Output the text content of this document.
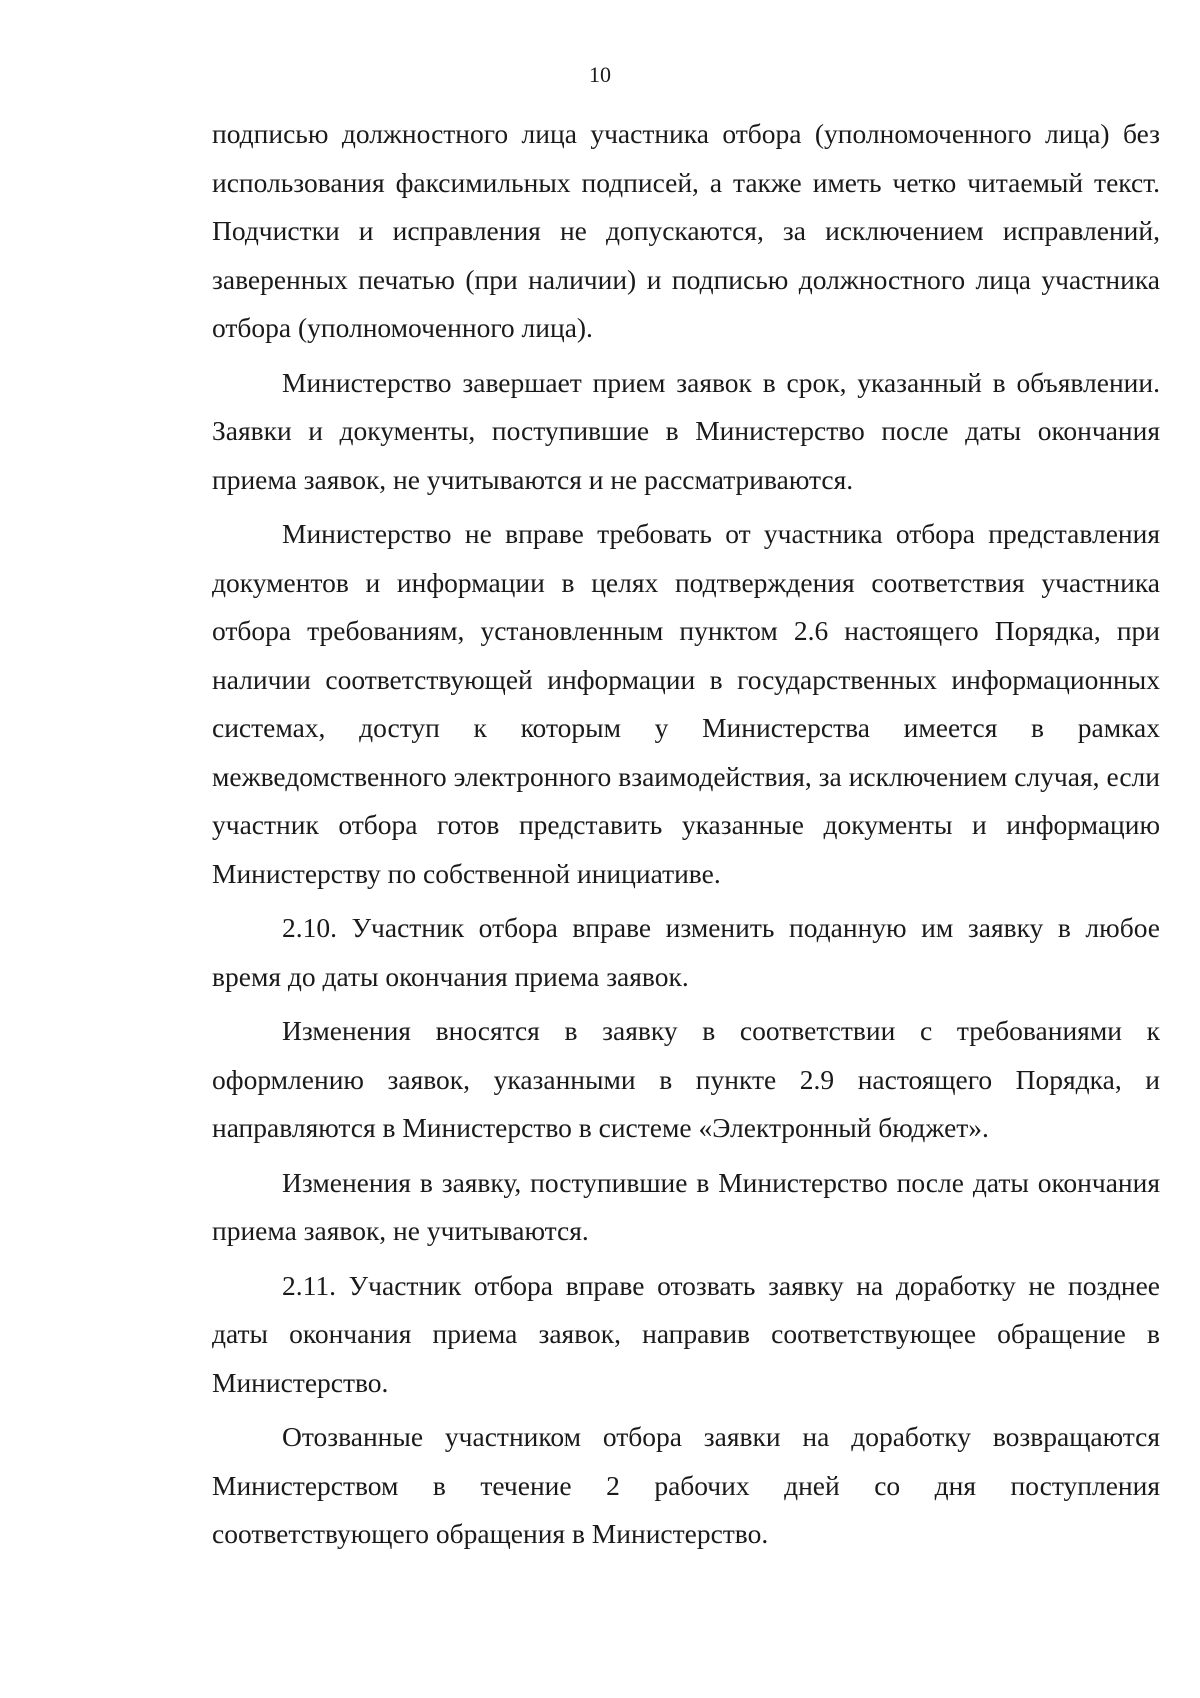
10

подписью должностного лица участника отбора (уполномоченного лица) без использования факсимильных подписей, а также иметь четко читаемый текст. Подчистки и исправления не допускаются, за исключением исправлений, заверенных печатью (при наличии) и подписью должностного лица участника отбора (уполномоченного лица).

Министерство завершает прием заявок в срок, указанный в объявлении. Заявки и документы, поступившие в Министерство после даты окончания приема заявок, не учитываются и не рассматриваются.

Министерство не вправе требовать от участника отбора представления документов и информации в целях подтверждения соответствия участника отбора требованиям, установленным пунктом 2.6 настоящего Порядка, при наличии соответствующей информации в государственных информационных системах, доступ к которым у Министерства имеется в рамках межведомственного электронного взаимодействия, за исключением случая, если участник отбора готов представить указанные документы и информацию Министерству по собственной инициативе.

2.10. Участник отбора вправе изменить поданную им заявку в любое время до даты окончания приема заявок.

Изменения вносятся в заявку в соответствии с требованиями к оформлению заявок, указанными в пункте 2.9 настоящего Порядка, и направляются в Министерство в системе «Электронный бюджет».

Изменения в заявку, поступившие в Министерство после даты окончания приема заявок, не учитываются.

2.11. Участник отбора вправе отозвать заявку на доработку не позднее даты окончания приема заявок, направив соответствующее обращение в Министерство.

Отозванные участником отбора заявки на доработку возвращаются Министерством в течение 2 рабочих дней со дня поступления соответствующего обращения в Министерство.
